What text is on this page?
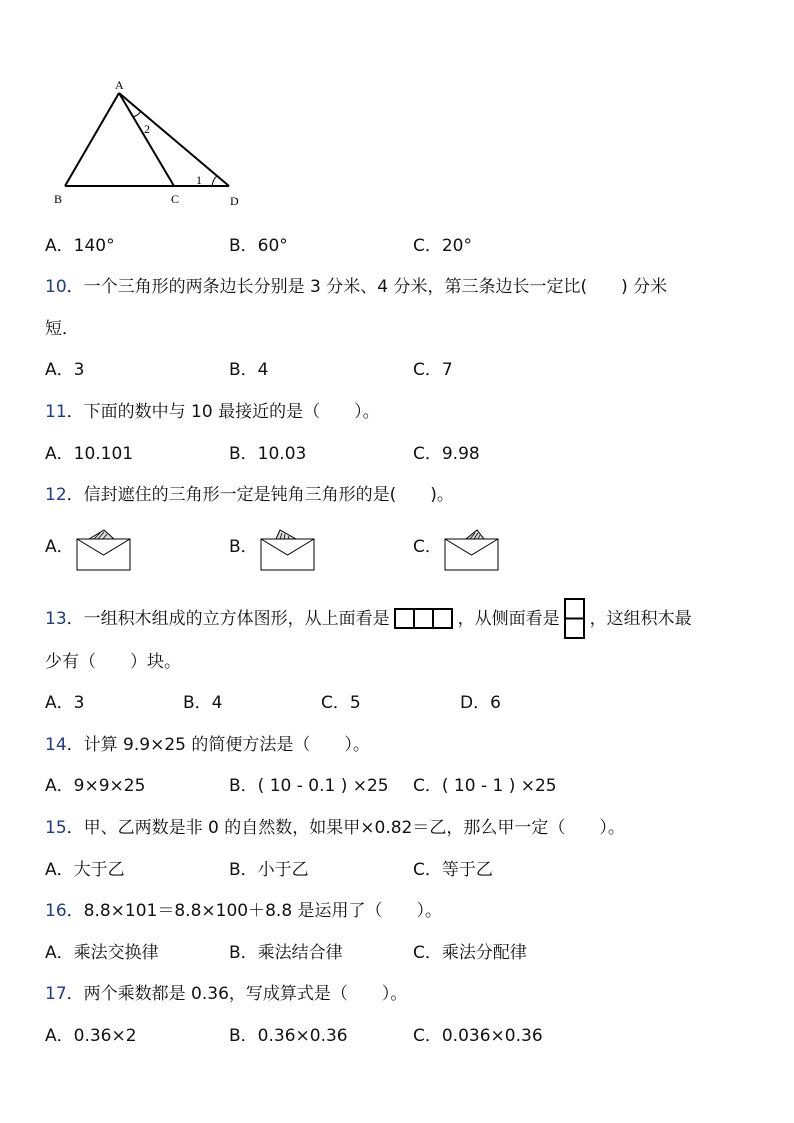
A
B	C	D
2
1
A．140°	B．60°	C．20°
10．一个三角形的两条边长分别是 3 分米、4 分米，第三条边长一定比(　　) 分米
短．
A．3	B．4	C．7
11．下面的数中与 10 最接近的是（　　）。
A．10.101	B．10.03	C．9.98
12．信封遮住的三角形一定是钝角三角形的是(　　)。
A．	B．	C．
13．一组积木组成的立方体图形，从上面看是	，从侧面看是 ，这组积木最
少有（　　）块。
A．3	B．4	C．5	D．6
14．计算 9.9×25 的简便方法是（　　）。
A．9×9×25	B．( 10 - 0.1 ) ×25 C．( 10 - 1 ) ×25
15．甲、乙两数是非 0 的自然数，如果甲×0.82＝乙，那么甲一定（　　）。
A．大于乙	B．小于乙	C．等于乙
16．8.8×101＝8.8×100＋8.8 是运用了（　　）。
A．乘法交换律	B．乘法结合律	C．乘法分配律
17．两个乘数都是 0.36，写成算式是（　　）。
A．0.36×2	B．0.36×0.36	C．0.036×0.36
